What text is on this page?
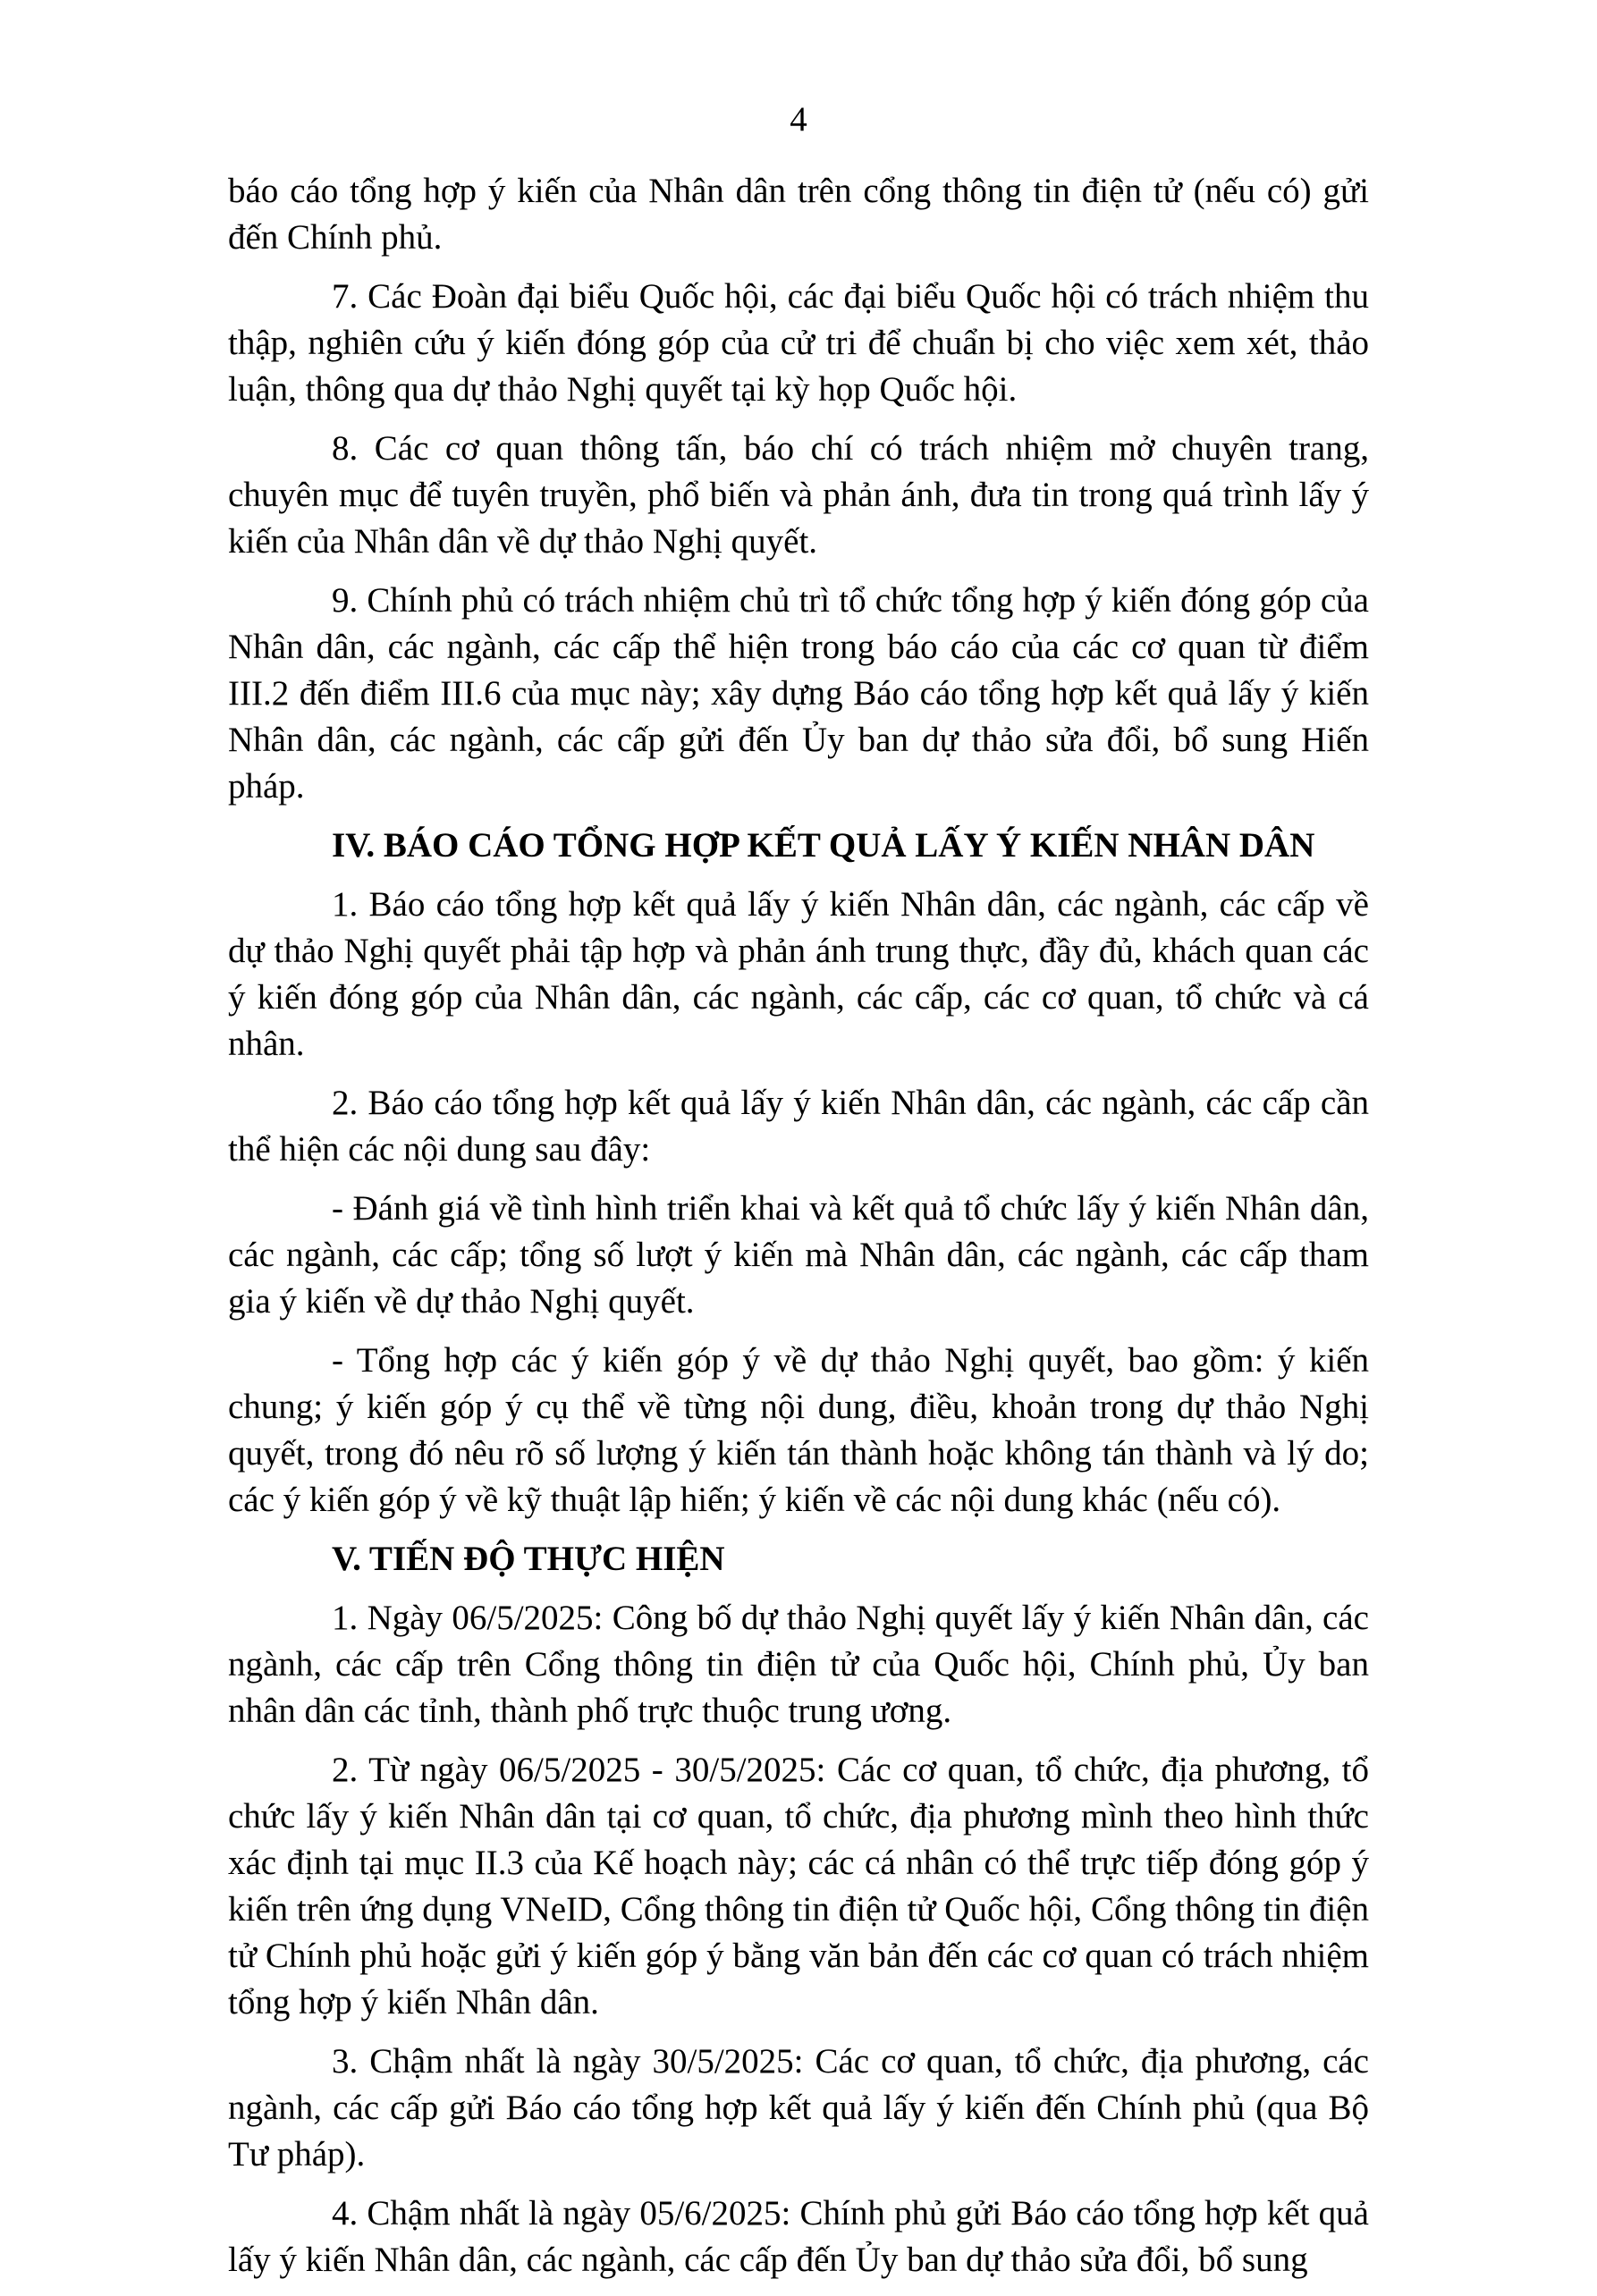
4

báo cáo tổng hợp ý kiến của Nhân dân trên cổng thông tin điện tử (nếu có) gửi đến Chính phủ.

7. Các Đoàn đại biểu Quốc hội, các đại biểu Quốc hội có trách nhiệm thu thập, nghiên cứu ý kiến đóng góp của cử tri để chuẩn bị cho việc xem xét, thảo luận, thông qua dự thảo Nghị quyết tại kỳ họp Quốc hội.

8. Các cơ quan thông tấn, báo chí có trách nhiệm mở chuyên trang, chuyên mục để tuyên truyền, phổ biến và phản ánh, đưa tin trong quá trình lấy ý kiến của Nhân dân về dự thảo Nghị quyết.

9. Chính phủ có trách nhiệm chủ trì tổ chức tổng hợp ý kiến đóng góp của Nhân dân, các ngành, các cấp thể hiện trong báo cáo của các cơ quan từ điểm III.2 đến điểm III.6 của mục này; xây dựng Báo cáo tổng hợp kết quả lấy ý kiến Nhân dân, các ngành, các cấp gửi đến Ủy ban dự thảo sửa đổi, bổ sung Hiến pháp.

IV. BÁO CÁO TỔNG HỢP KẾT QUẢ LẤY Ý KIẾN NHÂN DÂN

1. Báo cáo tổng hợp kết quả lấy ý kiến Nhân dân, các ngành, các cấp về dự thảo Nghị quyết phải tập hợp và phản ánh trung thực, đầy đủ, khách quan các ý kiến đóng góp của Nhân dân, các ngành, các cấp, các cơ quan, tổ chức và cá nhân.

2. Báo cáo tổng hợp kết quả lấy ý kiến Nhân dân, các ngành, các cấp cần thể hiện các nội dung sau đây:

- Đánh giá về tình hình triển khai và kết quả tổ chức lấy ý kiến Nhân dân, các ngành, các cấp; tổng số lượt ý kiến mà Nhân dân, các ngành, các cấp tham gia ý kiến về dự thảo Nghị quyết.

- Tổng hợp các ý kiến góp ý về dự thảo Nghị quyết, bao gồm: ý kiến chung; ý kiến góp ý cụ thể về từng nội dung, điều, khoản trong dự thảo Nghị quyết, trong đó nêu rõ số lượng ý kiến tán thành hoặc không tán thành và lý do; các ý kiến góp ý về kỹ thuật lập hiến; ý kiến về các nội dung khác (nếu có).

V. TIẾN ĐỘ THỰC HIỆN

1. Ngày 06/5/2025: Công bố dự thảo Nghị quyết lấy ý kiến Nhân dân, các ngành, các cấp trên Cổng thông tin điện tử của Quốc hội, Chính phủ, Ủy ban nhân dân các tỉnh, thành phố trực thuộc trung ương.

2. Từ ngày 06/5/2025 - 30/5/2025: Các cơ quan, tổ chức, địa phương, tổ chức lấy ý kiến Nhân dân tại cơ quan, tổ chức, địa phương mình theo hình thức xác định tại mục II.3 của Kế hoạch này; các cá nhân có thể trực tiếp đóng góp ý kiến trên ứng dụng VNeID, Cổng thông tin điện tử Quốc hội, Cổng thông tin điện tử Chính phủ hoặc gửi ý kiến góp ý bằng văn bản đến các cơ quan có trách nhiệm tổng hợp ý kiến Nhân dân.

3. Chậm nhất là ngày 30/5/2025: Các cơ quan, tổ chức, địa phương, các ngành, các cấp gửi Báo cáo tổng hợp kết quả lấy ý kiến đến Chính phủ (qua Bộ Tư pháp).

4. Chậm nhất là ngày 05/6/2025: Chính phủ gửi Báo cáo tổng hợp kết quả lấy ý kiến Nhân dân, các ngành, các cấp đến Ủy ban dự thảo sửa đổi, bổ sung
